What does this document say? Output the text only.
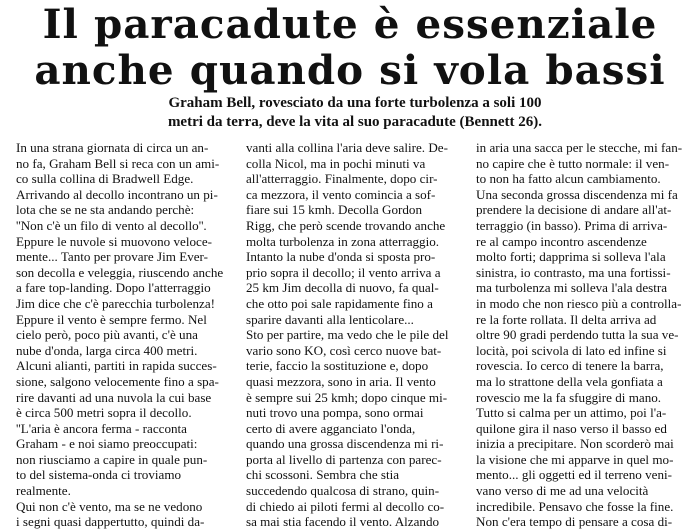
Il paracadute è essenziale
anche quando si vola bassi

Graham Bell, rovesciato da una forte turbolenza a soli 100
metri da terra, deve la vita al suo paracadute (Bennett 26).

In una strana giornata di circa un an-
no fa, Graham Bell si reca con un ami-
co sulla collina di Bradwell Edge.
Arrivando al decollo incontrano un pi-
lota che se ne sta andando perchè:
''Non c'è un filo di vento al decollo''.
Eppure le nuvole si muovono veloce-
mente... Tanto per provare Jim Ever-
son decolla e veleggia, riuscendo anche
a fare top-landing. Dopo l'atterraggio
Jim dice che c'è parecchia turbolenza!
Eppure il vento è sempre fermo. Nel
cielo però, poco più avanti, c'è una
nube d'onda, larga circa 400 metri.
Alcuni alianti, partiti in rapida succes-
sione, salgono velocemente fino a spa-
rire davanti ad una nuvola la cui base
è circa 500 metri sopra il decollo.
''L'aria è ancora ferma - racconta
Graham - e noi siamo preoccupati:
non riusciamo a capire in quale pun-
to del sistema-onda ci troviamo
realmente.
Qui non c'è vento, ma se ne vedono
i segni quasi dappertutto, quindi da-
vanti alla collina l'aria deve salire. De-
colla Nicol, ma in pochi minuti va
all'atterraggio. Finalmente, dopo cir-
ca mezzora, il vento comincia a sof-
fiare sui 15 kmh. Decolla Gordon
Rigg, che però scende trovando anche
molta turbolenza in zona atterraggio.
Intanto la nube d'onda si sposta pro-
prio sopra il decollo; il vento arriva a
25 km Jim decolla di nuovo, fa qual-
che otto poi sale rapidamente fino a
sparire davanti alla lenticolare...
Sto per partire, ma vedo che le pile del
vario sono KO, così cerco nuove bat-
terie, faccio la sostituzione e, dopo
quasi mezzora, sono in aria. Il vento
è sempre sui 25 kmh; dopo cinque mi-
nuti trovo una pompa, sono ormai
certo di avere agganciato l'onda,
quando una grossa discendenza mi ri-
porta al livello di partenza con parec-
chi scossoni. Sembra che stia
succedendo qualcosa di strano, quin-
di chiedo ai piloti fermi al decollo co-
sa mai stia facendo il vento. Alzando
in aria una sacca per le stecche, mi fan-
no capire che è tutto normale: il ven-
to non ha fatto alcun cambiamento.
Una seconda grossa discendenza mi fa
prendere la decisione di andare all'at-
terraggio (in basso). Prima di arriva-
re al campo incontro ascendenze
molto forti; dapprima si solleva l'ala
sinistra, io contrasto, ma una fortissi-
ma turbolenza mi solleva l'ala destra
in modo che non riesco più a controlla-
re la forte rollata. Il delta arriva ad
oltre 90 gradi perdendo tutta la sua ve-
locità, poi scivola di lato ed infine si
rovescia. Io cerco di tenere la barra,
ma lo strattone della vela gonfiata a
rovescio me la fa sfuggire di mano.
Tutto si calma per un attimo, poi l'a-
quilone gira il naso verso il basso ed
inizia a precipitare. Non scorderò mai
la visione che mi apparve in quel mo-
mento... gli oggetti ed il terreno veni-
vano verso di me ad una velocità
incredibile. Pensavo che fosse la fine.
Non c'era tempo di pensare a cosa di-
